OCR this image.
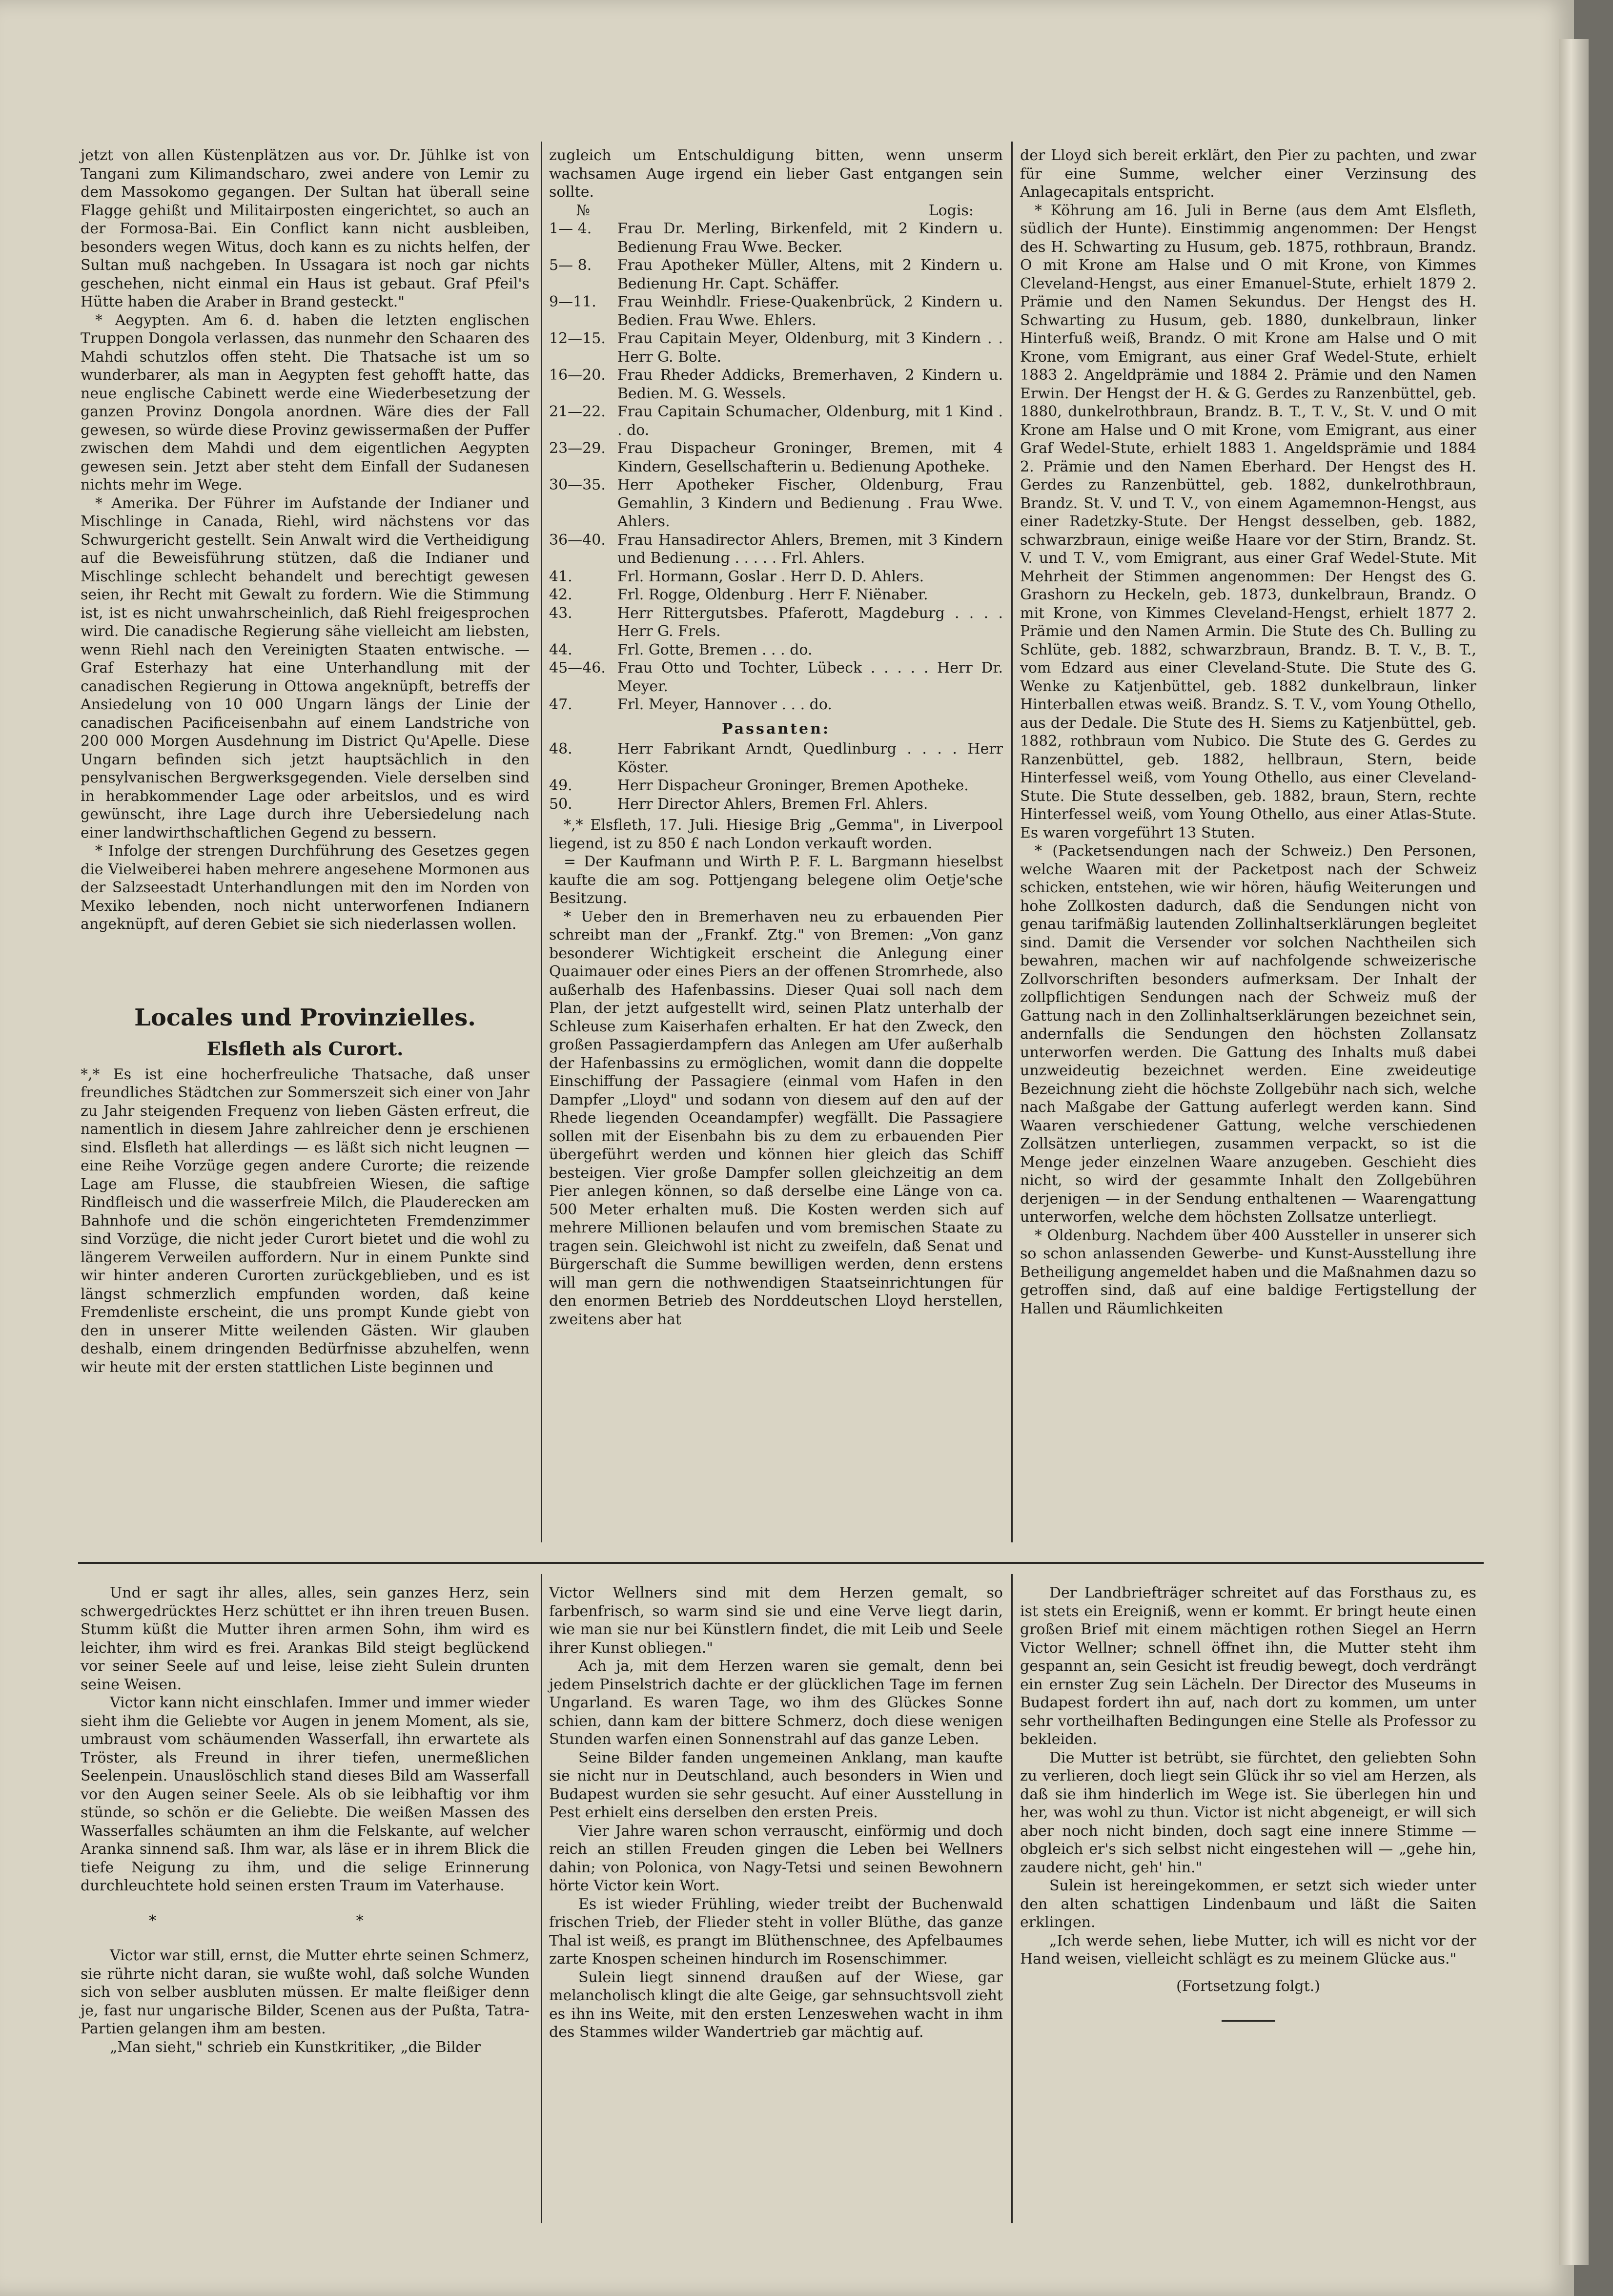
jetzt von allen Küstenplätzen aus vor. Dr. Jühlke ist von Tangani zum Kilimandscharo, zwei andere von Lemir zu dem Massokomo gegangen. Der Sultan hat überall seine Flagge gehißt und Militairposten eingerichtet, so auch an der Formosa-Bai. Ein Conflict kann nicht ausbleiben, besonders wegen Witus, doch kann es zu nichts helfen, der Sultan muß nachgeben. In Ussagara ist noch gar nichts geschehen, nicht einmal ein Haus ist gebaut. Graf Pfeil's Hütte haben die Araber in Brand gesteckt."

* Aegypten. Am 6. d. haben die letzten englischen Truppen Dongola verlassen, das nunmehr den Schaaren des Mahdi schutzlos offen steht. Die Thatsache ist um so wunderbarer, als man in Aegypten fest gehofft hatte, das neue englische Cabinett werde eine Wiederbesetzung der ganzen Provinz Dongola anordnen. Wäre dies der Fall gewesen, so würde diese Provinz gewissermaßen der Puffer zwischen dem Mahdi und dem eigentlichen Aegypten gewesen sein. Jetzt aber steht dem Einfall der Sudanesen nichts mehr im Wege.

* Amerika. Der Führer im Aufstande der Indianer und Mischlinge in Canada, Riehl, wird nächstens vor das Schwurgericht gestellt. Sein Anwalt wird die Vertheidigung auf die Beweisführung stützen, daß die Indianer und Mischlinge schlecht behandelt und berechtigt gewesen seien, ihr Recht mit Gewalt zu fordern. Wie die Stimmung ist, ist es nicht unwahrscheinlich, daß Riehl freigesprochen wird. Die canadische Regierung sähe vielleicht am liebsten, wenn Riehl nach den Vereinigten Staaten entwische. — Graf Esterhazy hat eine Unterhandlung mit der canadischen Regierung in Ottowa angeknüpft, betreffs der Ansiedelung von 10 000 Ungarn längs der Linie der canadischen Pacificeisenbahn auf einem Landstriche von 200 000 Morgen Ausdehnung im District Qu'Apelle. Diese Ungarn befinden sich jetzt hauptsächlich in den pensylvanischen Bergwerksgegenden. Viele derselben sind in herabkommender Lage oder arbeitslos, und es wird gewünscht, ihre Lage durch ihre Uebersiedelung nach einer landwirthschaftlichen Gegend zu bessern.

* Infolge der strengen Durchführung des Gesetzes gegen die Vielweiberei haben mehrere angesehene Mormonen aus der Salzseestadt Unterhandlungen mit den im Norden von Mexiko lebenden, noch nicht unterworfenen Indianern angeknüpft, auf deren Gebiet sie sich niederlassen wollen.

Locales und Provinzielles.
Elsfleth als Curort.

*,* Es ist eine hocherfreuliche Thatsache, daß unser freundliches Städtchen zur Sommerszeit sich einer von Jahr zu Jahr steigenden Frequenz von lieben Gästen erfreut, die namentlich in diesem Jahre zahlreicher denn je erschienen sind. Elsfleth hat allerdings — es läßt sich nicht leugnen — eine Reihe Vorzüge gegen andere Curorte; die reizende Lage am Flusse, die staubfreien Wiesen, die saftige Rindfleisch und die wasserfreie Milch, die Plauderecken am Bahnhofe und die schön eingerichteten Fremdenzimmer sind Vorzüge, die nicht jeder Curort bietet und die wohl zu längerem Verweilen auffordern. Nur in einem Punkte sind wir hinter anderen Curorten zurückgeblieben, und es ist längst schmerzlich empfunden worden, daß keine Fremdenliste erscheint, die uns prompt Kunde giebt von den in unserer Mitte weilenden Gästen. Wir glauben deshalb, einem dringenden Bedürfnisse abzuhelfen, wenn wir heute mit der ersten stattlichen Liste beginnen und

zugleich um Entschuldigung bitten, wenn unserm wachsamen Auge irgend ein lieber Gast entgangen sein sollte.

№	Logis:
1— 4.	Frau Dr. Merling, Birkenfeld, mit 2 Kindern u. Bedienung Frau Wwe. Becker.
5— 8.	Frau Apotheker Müller, Altens, mit 2 Kindern u. Bedienung Hr. Capt. Schäffer.
9—11.	Frau Weinhdlr. Friese-Quakenbrück, 2 Kindern u. Bedien. Frau Wwe. Ehlers.
12—15. Frau Capitain Meyer, Oldenburg, mit 3 Kindern . . Herr G. Bolte.
16—20. Frau Rheder Addicks, Bremerhaven, 2 Kindern u. Bedien. M. G. Wessels.
21—22. Frau Capitain Schumacher, Oldenburg, mit 1 Kind . . do.
23—29. Frau Dispacheur Groninger, Bremen, mit 4 Kindern, Gesellschafterin u. Bedienung Apotheke.
30—35. Herr Apotheker Fischer, Oldenburg, Frau Gemahlin, 3 Kindern und Bedienung . Frau Wwe. Ahlers.
36—40. Frau Hansadirector Ahlers, Bremen, mit 3 Kindern und Bedienung . . . . . Frl. Ahlers.
41.	Frl. Hormann, Goslar . Herr D. D. Ahlers.
42.	Frl. Rogge, Oldenburg . Herr F. Niënaber.
43.	Herr Rittergutsbes. Pfaferott, Magdeburg . . . . Herr G. Frels.
44.	Frl. Gotte, Bremen . . . do.
45—46. Frau Otto und Tochter, Lübeck . . . . . Herr Dr. Meyer.
47.	Frl. Meyer, Hannover . . . do.
Passanten:
48.	Herr Fabrikant Arndt, Quedlinburg . . . . Herr Köster.
49.	Herr Dispacheur Groninger, Bremen Apotheke.
50.	Herr Director Ahlers, Bremen Frl. Ahlers.

*,* Elsfleth, 17. Juli. Hiesige Brig „Gemma", in Liverpool liegend, ist zu 850 £ nach London verkauft worden.

= Der Kaufmann und Wirth P. F. L. Bargmann hieselbst kaufte die am sog. Pottjengang belegene olim Oetje'sche Besitzung.

* Ueber den in Bremerhaven neu zu erbauenden Pier schreibt man der „Frankf. Ztg." von Bremen: „Von ganz besonderer Wichtigkeit erscheint die Anlegung einer Quaimauer oder eines Piers an der offenen Stromrhede, also außerhalb des Hafenbassins. Dieser Quai soll nach dem Plan, der jetzt aufgestellt wird, seinen Platz unterhalb der Schleuse zum Kaiserhafen erhalten. Er hat den Zweck, den großen Passagierdampfern das Anlegen am Ufer außerhalb der Hafenbassins zu ermöglichen, womit dann die doppelte Einschiffung der Passagiere (einmal vom Hafen in den Dampfer „Lloyd" und sodann von diesem auf den auf der Rhede liegenden Oceandampfer) wegfällt. Die Passagiere sollen mit der Eisenbahn bis zu dem zu erbauenden Pier übergeführt werden und können hier gleich das Schiff besteigen. Vier große Dampfer sollen gleichzeitig an dem Pier anlegen können, so daß derselbe eine Länge von ca. 500 Meter erhalten muß. Die Kosten werden sich auf mehrere Millionen belaufen und vom bremischen Staate zu tragen sein. Gleichwohl ist nicht zu zweifeln, daß Senat und Bürgerschaft die Summe bewilligen werden, denn erstens will man gern die nothwendigen Staatseinrichtungen für den enormen Betrieb des Norddeutschen Lloyd herstellen, zweitens aber hat

der Lloyd sich bereit erklärt, den Pier zu pachten, und zwar für eine Summe, welcher einer Verzinsung des Anlagecapitals entspricht.

* Köhrung am 16. Juli in Berne (aus dem Amt Elsfleth, südlich der Hunte). Einstimmig angenommen: Der Hengst des H. Schwarting zu Husum, geb. 1875, rothbraun, Brandz. O mit Krone am Halse und O mit Krone, von Kimmes Cleveland-Hengst, aus einer Emanuel-Stute, erhielt 1879 2. Prämie und den Namen Sekundus. Der Hengst des H. Schwarting zu Husum, geb. 1880, dunkelbraun, linker Hinterfuß weiß, Brandz. O mit Krone am Halse und O mit Krone, vom Emigrant, aus einer Graf Wedel-Stute, erhielt 1883 2. Angeldprämie und 1884 2. Prämie und den Namen Erwin. Der Hengst der H. & G. Gerdes zu Ranzenbüttel, geb. 1880, dunkelrothbraun, Brandz. B. T., T. V., St. V. und O mit Krone am Halse und O mit Krone, vom Emigrant, aus einer Graf Wedel-Stute, erhielt 1883 1. Angeldsprämie und 1884 2. Prämie und den Namen Eberhard. Der Hengst des H. Gerdes zu Ranzenbüttel, geb. 1882, dunkelrothbraun, Brandz. St. V. und T. V., von einem Agamemnon-Hengst, aus einer Radetzky-Stute. Der Hengst desselben, geb. 1882, schwarzbraun, einige weiße Haare vor der Stirn, Brandz. St. V. und T. V., vom Emigrant, aus einer Graf Wedel-Stute. Mit Mehrheit der Stimmen angenommen: Der Hengst des G. Grashorn zu Heckeln, geb. 1873, dunkelbraun, Brandz. O mit Krone, von Kimmes Cleveland-Hengst, erhielt 1877 2. Prämie und den Namen Armin. Die Stute des Ch. Bulling zu Schlüte, geb. 1882, schwarzbraun, Brandz. B. T. V., B. T., vom Edzard aus einer Cleveland-Stute. Die Stute des G. Wenke zu Katjenbüttel, geb. 1882 dunkelbraun, linker Hinterballen etwas weiß. Brandz. S. T. V., vom Young Othello, aus der Dedale. Die Stute des H. Siems zu Katjenbüttel, geb. 1882, rothbraun vom Nubico. Die Stute des G. Gerdes zu Ranzenbüttel, geb. 1882, hellbraun, Stern, beide Hinterfessel weiß, vom Young Othello, aus einer Cleveland-Stute. Die Stute desselben, geb. 1882, braun, Stern, rechte Hinterfessel weiß, vom Young Othello, aus einer Atlas-Stute. Es waren vorgeführt 13 Stuten.

* (Packetsendungen nach der Schweiz.) Den Personen, welche Waaren mit der Packetpost nach der Schweiz schicken, entstehen, wie wir hören, häufig Weiterungen und hohe Zollkosten dadurch, daß die Sendungen nicht von genau tarifmäßig lautenden Zollinhaltserklärungen begleitet sind. Damit die Versender vor solchen Nachtheilen sich bewahren, machen wir auf nachfolgende schweizerische Zollvorschriften besonders aufmerksam. Der Inhalt der zollpflichtigen Sendungen nach der Schweiz muß der Gattung nach in den Zollinhaltserklärungen bezeichnet sein, andernfalls die Sendungen den höchsten Zollansatz unterworfen werden. Die Gattung des Inhalts muß dabei unzweideutig bezeichnet werden. Eine zweideutige Bezeichnung zieht die höchste Zollgebühr nach sich, welche nach Maßgabe der Gattung auferlegt werden kann. Sind Waaren verschiedener Gattung, welche verschiedenen Zollsätzen unterliegen, zusammen verpackt, so ist die Menge jeder einzelnen Waare anzugeben. Geschieht dies nicht, so wird der gesammte Inhalt den Zollgebühren derjenigen — in der Sendung enthaltenen — Waarengattung unterworfen, welche dem höchsten Zollsatze unterliegt.

* Oldenburg. Nachdem über 400 Aussteller in unserer sich so schon anlassenden Gewerbe- und Kunst-Ausstellung ihre Betheiligung angemeldet haben und die Maßnahmen dazu so getroffen sind, daß auf eine baldige Fertigstellung der Hallen und Räumlichkeiten

Und er sagt ihr alles, alles, sein ganzes Herz, sein schwergedrücktes Herz schüttet er ihn ihren treuen Busen. Stumm küßt die Mutter ihren armen Sohn, ihm wird es leichter, ihm wird es frei. Arankas Bild steigt beglückend vor seiner Seele auf und leise, leise zieht Sulein drunten seine Weisen.

Victor kann nicht einschlafen. Immer und immer wieder sieht ihm die Geliebte vor Augen in jenem Moment, als sie, umbraust vom schäumenden Wasserfall, ihn erwartete als Tröster, als Freund in ihrer tiefen, unermeßlichen Seelenpein. Unauslöschlich stand dieses Bild am Wasserfall vor den Augen seiner Seele. Als ob sie leibhaftig vor ihm stünde, so schön er die Geliebte. Die weißen Massen des Wasserfalles schäumten an ihm die Felskante, auf welcher Aranka sinnend saß. Ihm war, als läse er in ihrem Blick die tiefe Neigung zu ihm, und die selige Erinnerung durchleuchtete hold seinen ersten Traum im Vaterhause.

* *

Victor war still, ernst, die Mutter ehrte seinen Schmerz, sie rührte nicht daran, sie wußte wohl, daß solche Wunden sich von selber ausbluten müssen. Er malte fleißiger denn je, fast nur ungarische Bilder, Scenen aus der Pußta, Tatra-Partien gelangen ihm am besten.

„Man sieht," schrieb ein Kunstkritiker, „die Bilder

Victor Wellners sind mit dem Herzen gemalt, so farbenfrisch, so warm sind sie und eine Verve liegt darin, wie man sie nur bei Künstlern findet, die mit Leib und Seele ihrer Kunst obliegen."

Ach ja, mit dem Herzen waren sie gemalt, denn bei jedem Pinselstrich dachte er der glücklichen Tage im fernen Ungarland. Es waren Tage, wo ihm des Glückes Sonne schien, dann kam der bittere Schmerz, doch diese wenigen Stunden warfen einen Sonnenstrahl auf das ganze Leben.

Seine Bilder fanden ungemeinen Anklang, man kaufte sie nicht nur in Deutschland, auch besonders in Wien und Budapest wurden sie sehr gesucht. Auf einer Ausstellung in Pest erhielt eins derselben den ersten Preis.

Vier Jahre waren schon verrauscht, einförmig und doch reich an stillen Freuden gingen die Leben bei Wellners dahin; von Polonica, von Nagy-Tetsi und seinen Bewohnern hörte Victor kein Wort.

Es ist wieder Frühling, wieder treibt der Buchenwald frischen Trieb, der Flieder steht in voller Blüthe, das ganze Thal ist weiß, es prangt im Blüthenschnee, des Apfelbaumes zarte Knospen scheinen hindurch im Rosenschimmer.

Sulein liegt sinnend draußen auf der Wiese, gar melancholisch klingt die alte Geige, gar sehnsuchtsvoll zieht es ihn ins Weite, mit den ersten Lenzeswehen wacht in ihm des Stammes wilder Wandertrieb gar mächtig auf.

Der Landbriefträger schreitet auf das Forsthaus zu, es ist stets ein Ereigniß, wenn er kommt. Er bringt heute einen großen Brief mit einem mächtigen rothen Siegel an Herrn Victor Wellner; schnell öffnet ihn, die Mutter steht ihm gespannt an, sein Gesicht ist freudig bewegt, doch verdrängt ein ernster Zug sein Lächeln. Der Director des Museums in Budapest fordert ihn auf, nach dort zu kommen, um unter sehr vortheilhaften Bedingungen eine Stelle als Professor zu bekleiden.

Die Mutter ist betrübt, sie fürchtet, den geliebten Sohn zu verlieren, doch liegt sein Glück ihr so viel am Herzen, als daß sie ihm hinderlich im Wege ist. Sie überlegen hin und her, was wohl zu thun. Victor ist nicht abgeneigt, er will sich aber noch nicht binden, doch sagt eine innere Stimme — obgleich er's sich selbst nicht eingestehen will — „gehe hin, zaudere nicht, geh' hin."

Sulein ist hereingekommen, er setzt sich wieder unter den alten schattigen Lindenbaum und läßt die Saiten erklingen.

„Ich werde sehen, liebe Mutter, ich will es nicht vor der Hand weisen, vielleicht schlägt es zu meinem Glücke aus."

(Fortsetzung folgt.)
